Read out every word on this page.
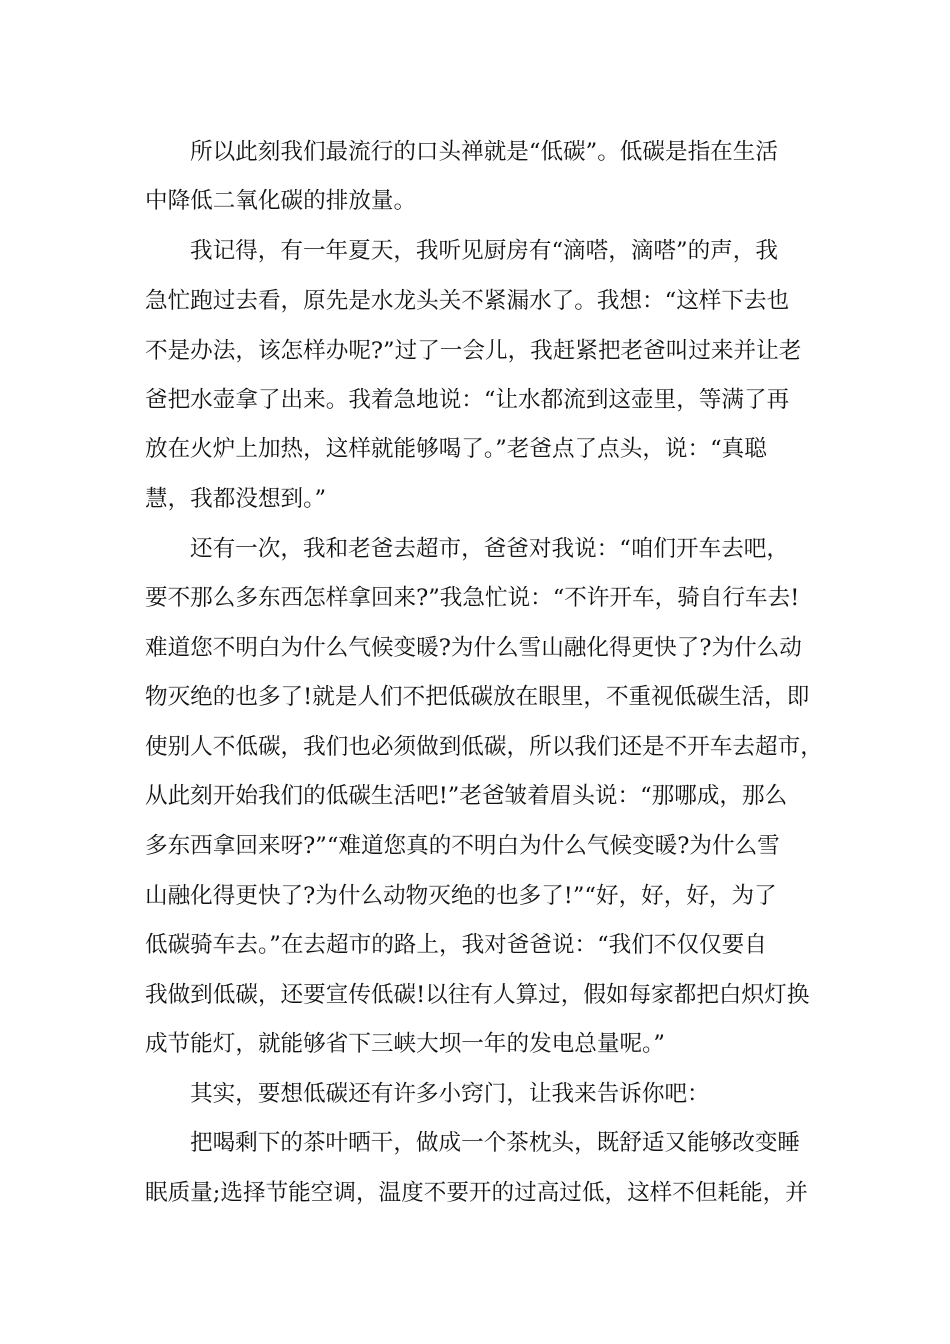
所以此刻我们最流行的口头禅就是“低碳”。低碳是指在生活
中降低二氧化碳的排放量。
我记得，有一年夏天，我听见厨房有“滴嗒，滴嗒”的声，我
急忙跑过去看，原先是水龙头关不紧漏水了。我想：“这样下去也
不是办法，该怎样办呢?”过了一会儿，我赶紧把老爸叫过来并让老
爸把水壶拿了出来。我着急地说：“让水都流到这壶里，等满了再
放在火炉上加热，这样就能够喝了。”老爸点了点头，说：“真聪
慧，我都没想到。”
还有一次，我和老爸去超市，爸爸对我说：“咱们开车去吧，
要不那么多东西怎样拿回来?”我急忙说：“不许开车，骑自行车去!
难道您不明白为什么气候变暖?为什么雪山融化得更快了?为什么动
物灭绝的也多了!就是人们不把低碳放在眼里，不重视低碳生活，即
使别人不低碳，我们也必须做到低碳，所以我们还是不开车去超市，
从此刻开始我们的低碳生活吧!”老爸皱着眉头说：“那哪成，那么
多东西拿回来呀?”“难道您真的不明白为什么气候变暖?为什么雪
山融化得更快了?为什么动物灭绝的也多了!”“好，好，好，为了
低碳骑车去。”在去超市的路上，我对爸爸说：“我们不仅仅要自
我做到低碳，还要宣传低碳!以往有人算过，假如每家都把白炽灯换
成节能灯，就能够省下三峡大坝一年的发电总量呢。”
其实，要想低碳还有许多小窍门，让我来告诉你吧：
把喝剩下的茶叶晒干，做成一个茶枕头，既舒适又能够改变睡
眠质量;选择节能空调，温度不要开的过高过低，这样不但耗能，并
